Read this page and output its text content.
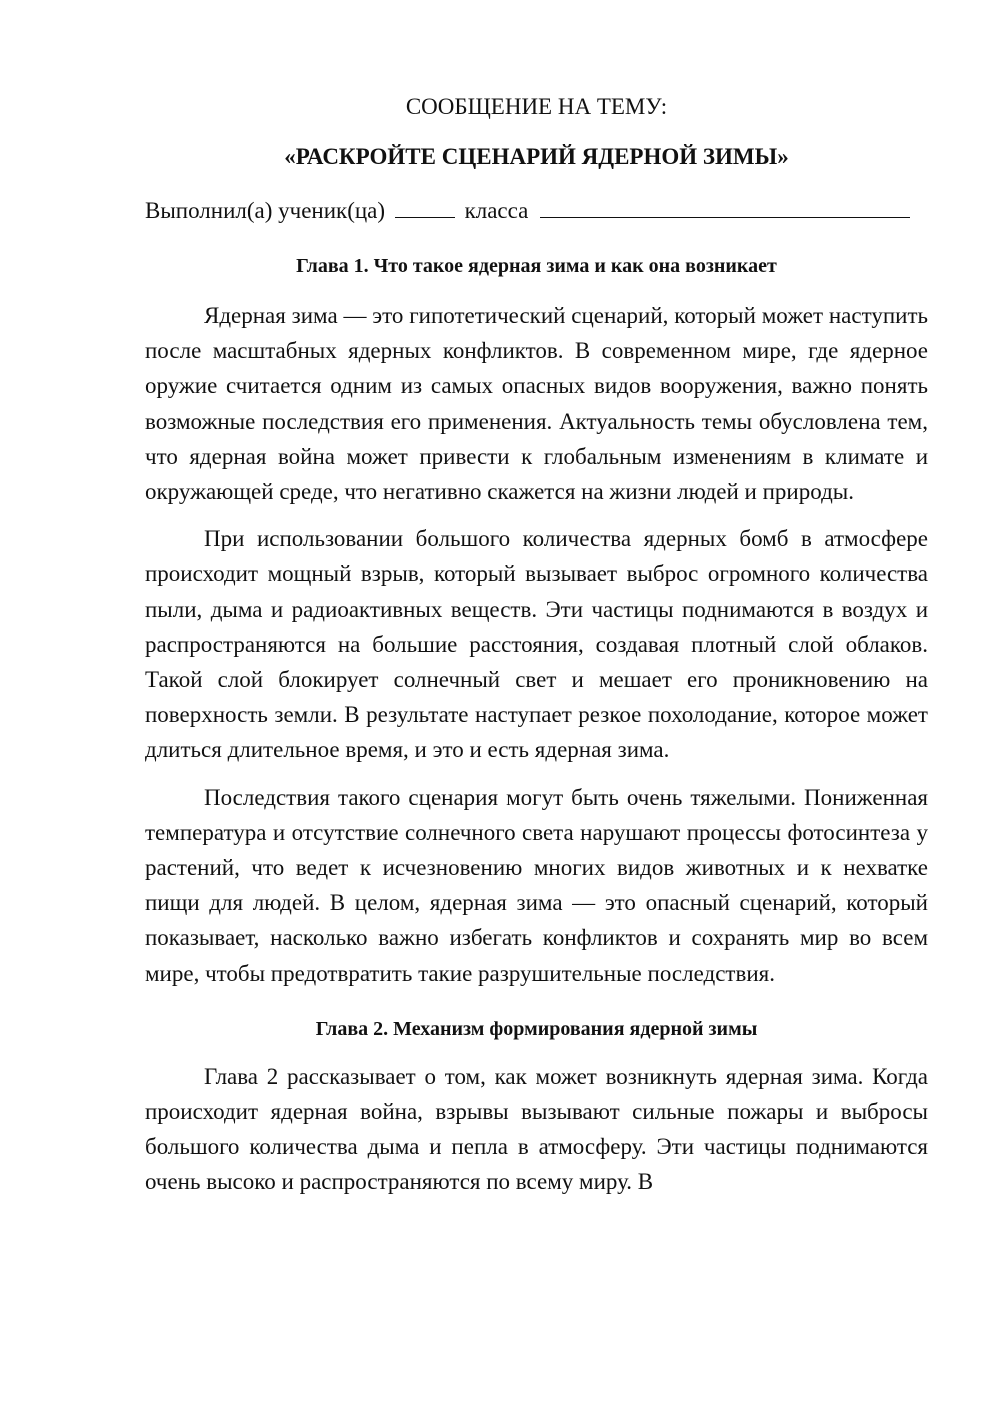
СООБЩЕНИЕ НА ТЕМУ:

«РАСКРОЙТЕ СЦЕНАРИЙ ЯДЕРНОЙ ЗИМЫ»

Выполнил(а) ученик(ца)	класса
Глава 1. Что такое ядерная зима и как она возникает

Ядерная зима — это гипотетический сценарий, который может наступить после масштабных ядерных конфликтов. В современном мире, где ядерное оружие считается одним из самых опасных видов вооружения, важно понять возможные последствия его применения. Актуальность темы обусловлена тем, что ядерная война может привести к глобальным изменениям в климате и окружающей среде, что негативно скажется на жизни людей и природы.

При использовании большого количества ядерных бомб в атмосфере происходит мощный взрыв, который вызывает выброс огромного количества пыли, дыма и радиоактивных веществ. Эти частицы поднимаются в воздух и распространяются на большие расстояния, создавая плотный слой облаков. Такой слой блокирует солнечный свет и мешает его проникновению на поверхность земли. В результате наступает резкое похолодание, которое может длиться длительное время, и это и есть ядерная зима.

Последствия такого сценария могут быть очень тяжелыми. Пониженная температура и отсутствие солнечного света нарушают процессы фотосинтеза у растений, что ведет к исчезновению многих видов животных и к нехватке пищи для людей. В целом, ядерная зима — это опасный сценарий, который показывает, насколько важно избегать конфликтов и сохранять мир во всем мире, чтобы предотвратить такие разрушительные последствия.

Глава 2. Механизм формирования ядерной зимы

Глава 2 рассказывает о том, как может возникнуть ядерная зима. Когда происходит ядерная война, взрывы вызывают сильные пожары и выбросы большого количества дыма и пепла в атмосферу. Эти частицы поднимаются очень высоко и распространяются по всему миру. В
